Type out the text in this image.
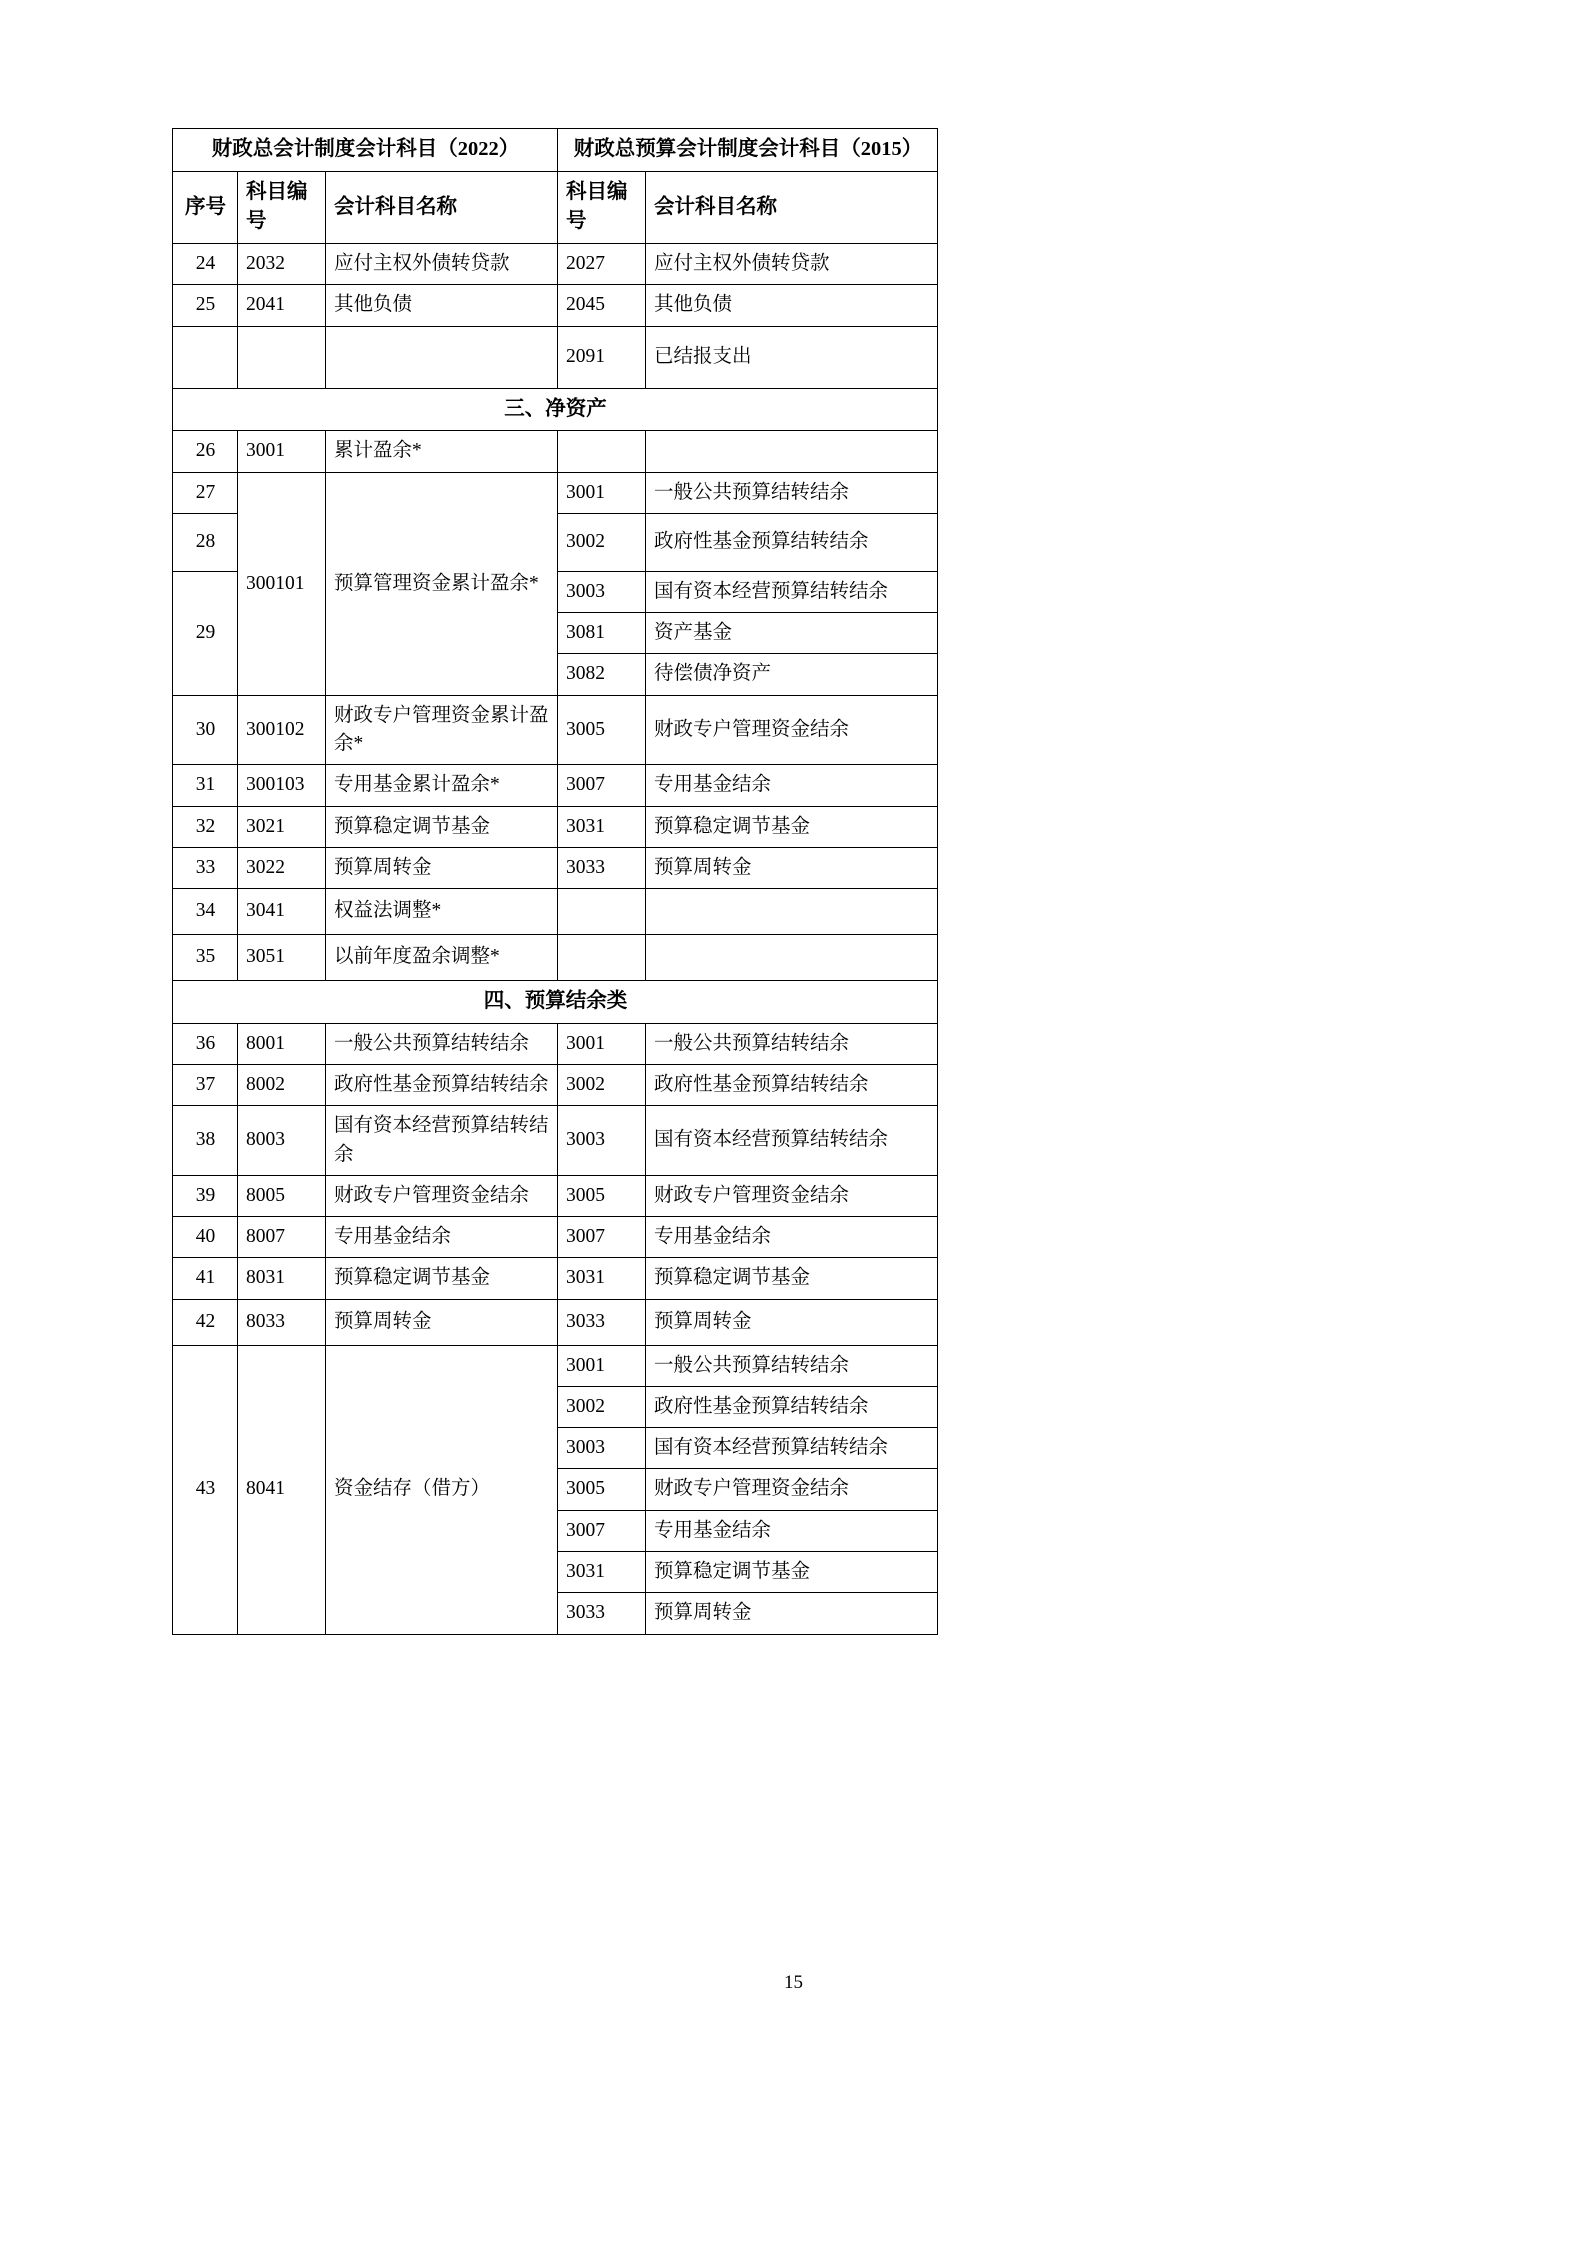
财政总会计制度会计科目（2022）			财政总预算会计制度会计科目（2015）	
序号	科目编号	会计科目名称	科目编号	会计科目名称
24	2032	应付主权外债转贷款	2027	应付主权外债转贷款
25	2041	其他负债	2045	其他负债
			2091	已结报支出
三、净资产				
26	3001	累计盈余*		
27	300101	预算管理资金累计盈余*	3001	一般公共预算结转结余
28			3002	政府性基金预算结转结余
29			3003	国有资本经营预算结转结余
			3081	资产基金
			3082	待偿债净资产
30	300102	财政专户管理资金累计盈余*	3005	财政专户管理资金结余
31	300103	专用基金累计盈余*	3007	专用基金结余
32	3021	预算稳定调节基金	3031	预算稳定调节基金
33	3022	预算周转金	3033	预算周转金
34	3041	权益法调整*		
35	3051	以前年度盈余调整*		
四、预算结余类				
36	8001	一般公共预算结转结余	3001	一般公共预算结转结余
37	8002	政府性基金预算结转结余	3002	政府性基金预算结转结余
38	8003	国有资本经营预算结转结余	3003	国有资本经营预算结转结余
39	8005	财政专户管理资金结余	3005	财政专户管理资金结余
40	8007	专用基金结余	3007	专用基金结余
41	8031	预算稳定调节基金	3031	预算稳定调节基金
42	8033	预算周转金	3033	预算周转金
43	8041	资金结存（借方）	3001	一般公共预算结转结余
			3002	政府性基金预算结转结余
			3003	国有资本经营预算结转结余
			3005	财政专户管理资金结余
			3007	专用基金结余
			3031	预算稳定调节基金
			3033	预算周转金
15
